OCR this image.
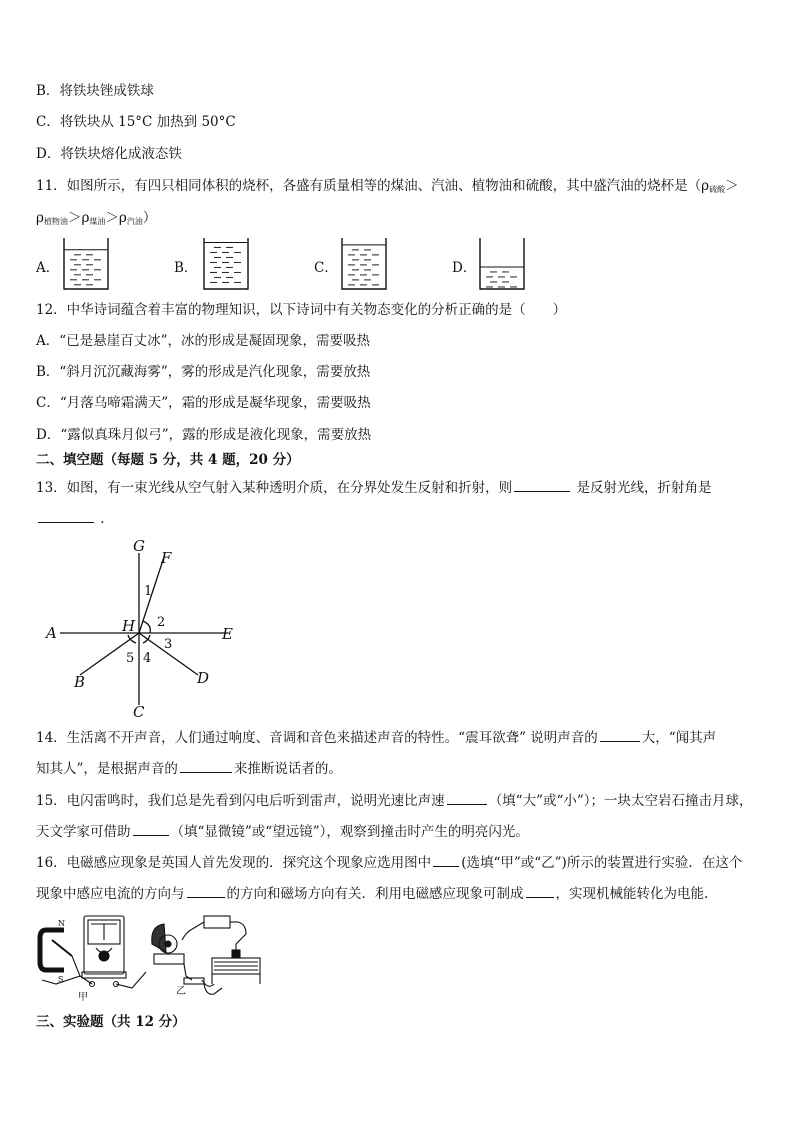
B．将铁块锉成铁球
C．将铁块从 15°C 加热到 50°C
D．将铁块熔化成液态铁
11．如图所示，有四只相同体积的烧杯，各盛有质量相等的煤油、汽油、植物油和硫酸，其中盛汽油的烧杯是（$\rho_{硫酸}>$
$\rho_{植物油}>\rho_{煤油}>\rho_{汽油}$）
A．	B．	C．	D．
12．中华诗词蕴含着丰富的物理知识，以下诗词中有关物态变化的分析正确的是（　　）
A．“已是悬崖百丈冰”，冰的形成是凝固现象，需要吸热
B．“斜月沉沉藏海雾”，雾的形成是汽化现象，需要放热
C．“月落乌啼霜满天”，霜的形成是凝华现象，需要吸热
D．“露似真珠月似弓”，露的形成是液化现象，需要放热
二、填空题（每题 5 分，共 4 题，20 分）
13．如图，有一束光线从空气射入某种透明介质，在分界处发生反射和折射，则	是反射光线，折射角是
．
G
F
A	E
H
B
C
D
1
2
3
4
5
14．生活离不开声音，人们通过响度、音调和音色来描述声音的特性。“震耳欲聋” 说明声音的	大，“闻其声
知其人”，是根据声音的	来推断说话者的。
15．电闪雷鸣时，我们总是先看到闪电后听到雷声，说明光速比声速	（填“大”或“小”）；一块太空岩石撞击月球，
天文学家可借助	（填“显微镜”或“望远镜”），观察到撞击时产生的明亮闪光。
16．电磁感应现象是英国人首先发现的．探究这个现象应选用图中 (选填“甲”或“乙”)所示的装置进行实验．在这个
现象中感应电流的方向与	的方向和磁场方向有关．利用电磁感应现象可制成 ，实现机械能转化为电能.
N
S
甲
乙
三、实验题（共 12 分）
